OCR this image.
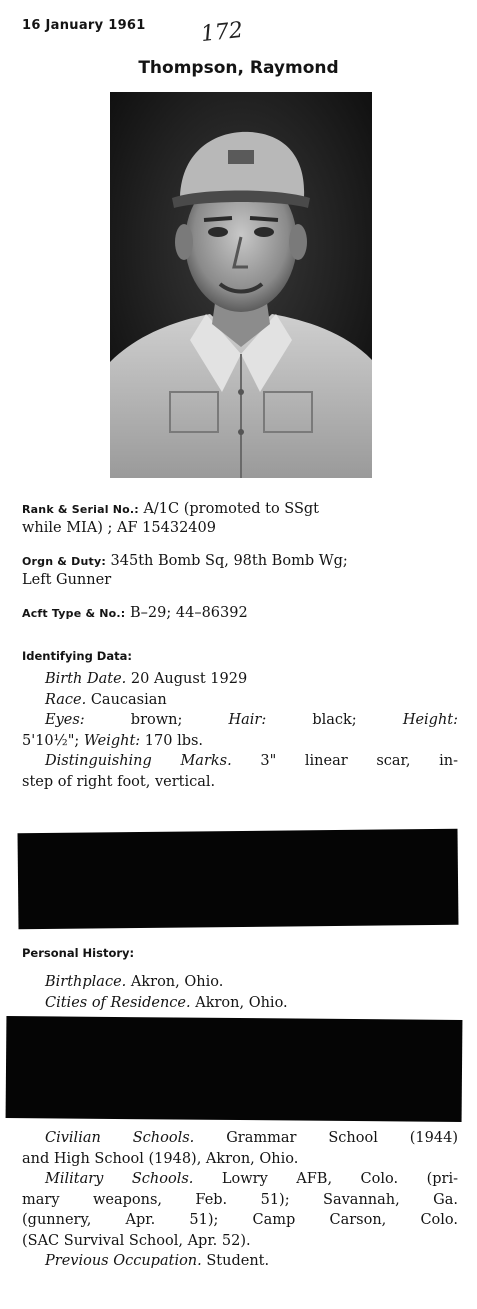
16 January 1961 172
Thompson, Raymond
Rank & Serial No.: A/1C (promoted to SSgt
while MIA) ; AF 15432409
Orgn & Duty: 345th Bomb Sq, 98th Bomb Wg;
Left Gunner
Acft Type & No.: B–29; 44–86392
Identifying Data:
Birth Date. 20 August 1929
Race. Caucasian
Eyes: brown; Hair: black; Height:
5'10½"; Weight: 170 lbs.
Distinguishing Marks. 3" linear scar, in-
step of right foot, vertical.
Personal History:
Birthplace. Akron, Ohio.
Cities of Residence. Akron, Ohio.
Civilian Schools. Grammar School (1944)
and High School (1948), Akron, Ohio.
Military Schools. Lowry AFB, Colo. (pri-
mary weapons, Feb. 51); Savannah, Ga.
(gunnery, Apr. 51); Camp Carson, Colo.
(SAC Survival School, Apr. 52).
Previous Occupation. Student.
